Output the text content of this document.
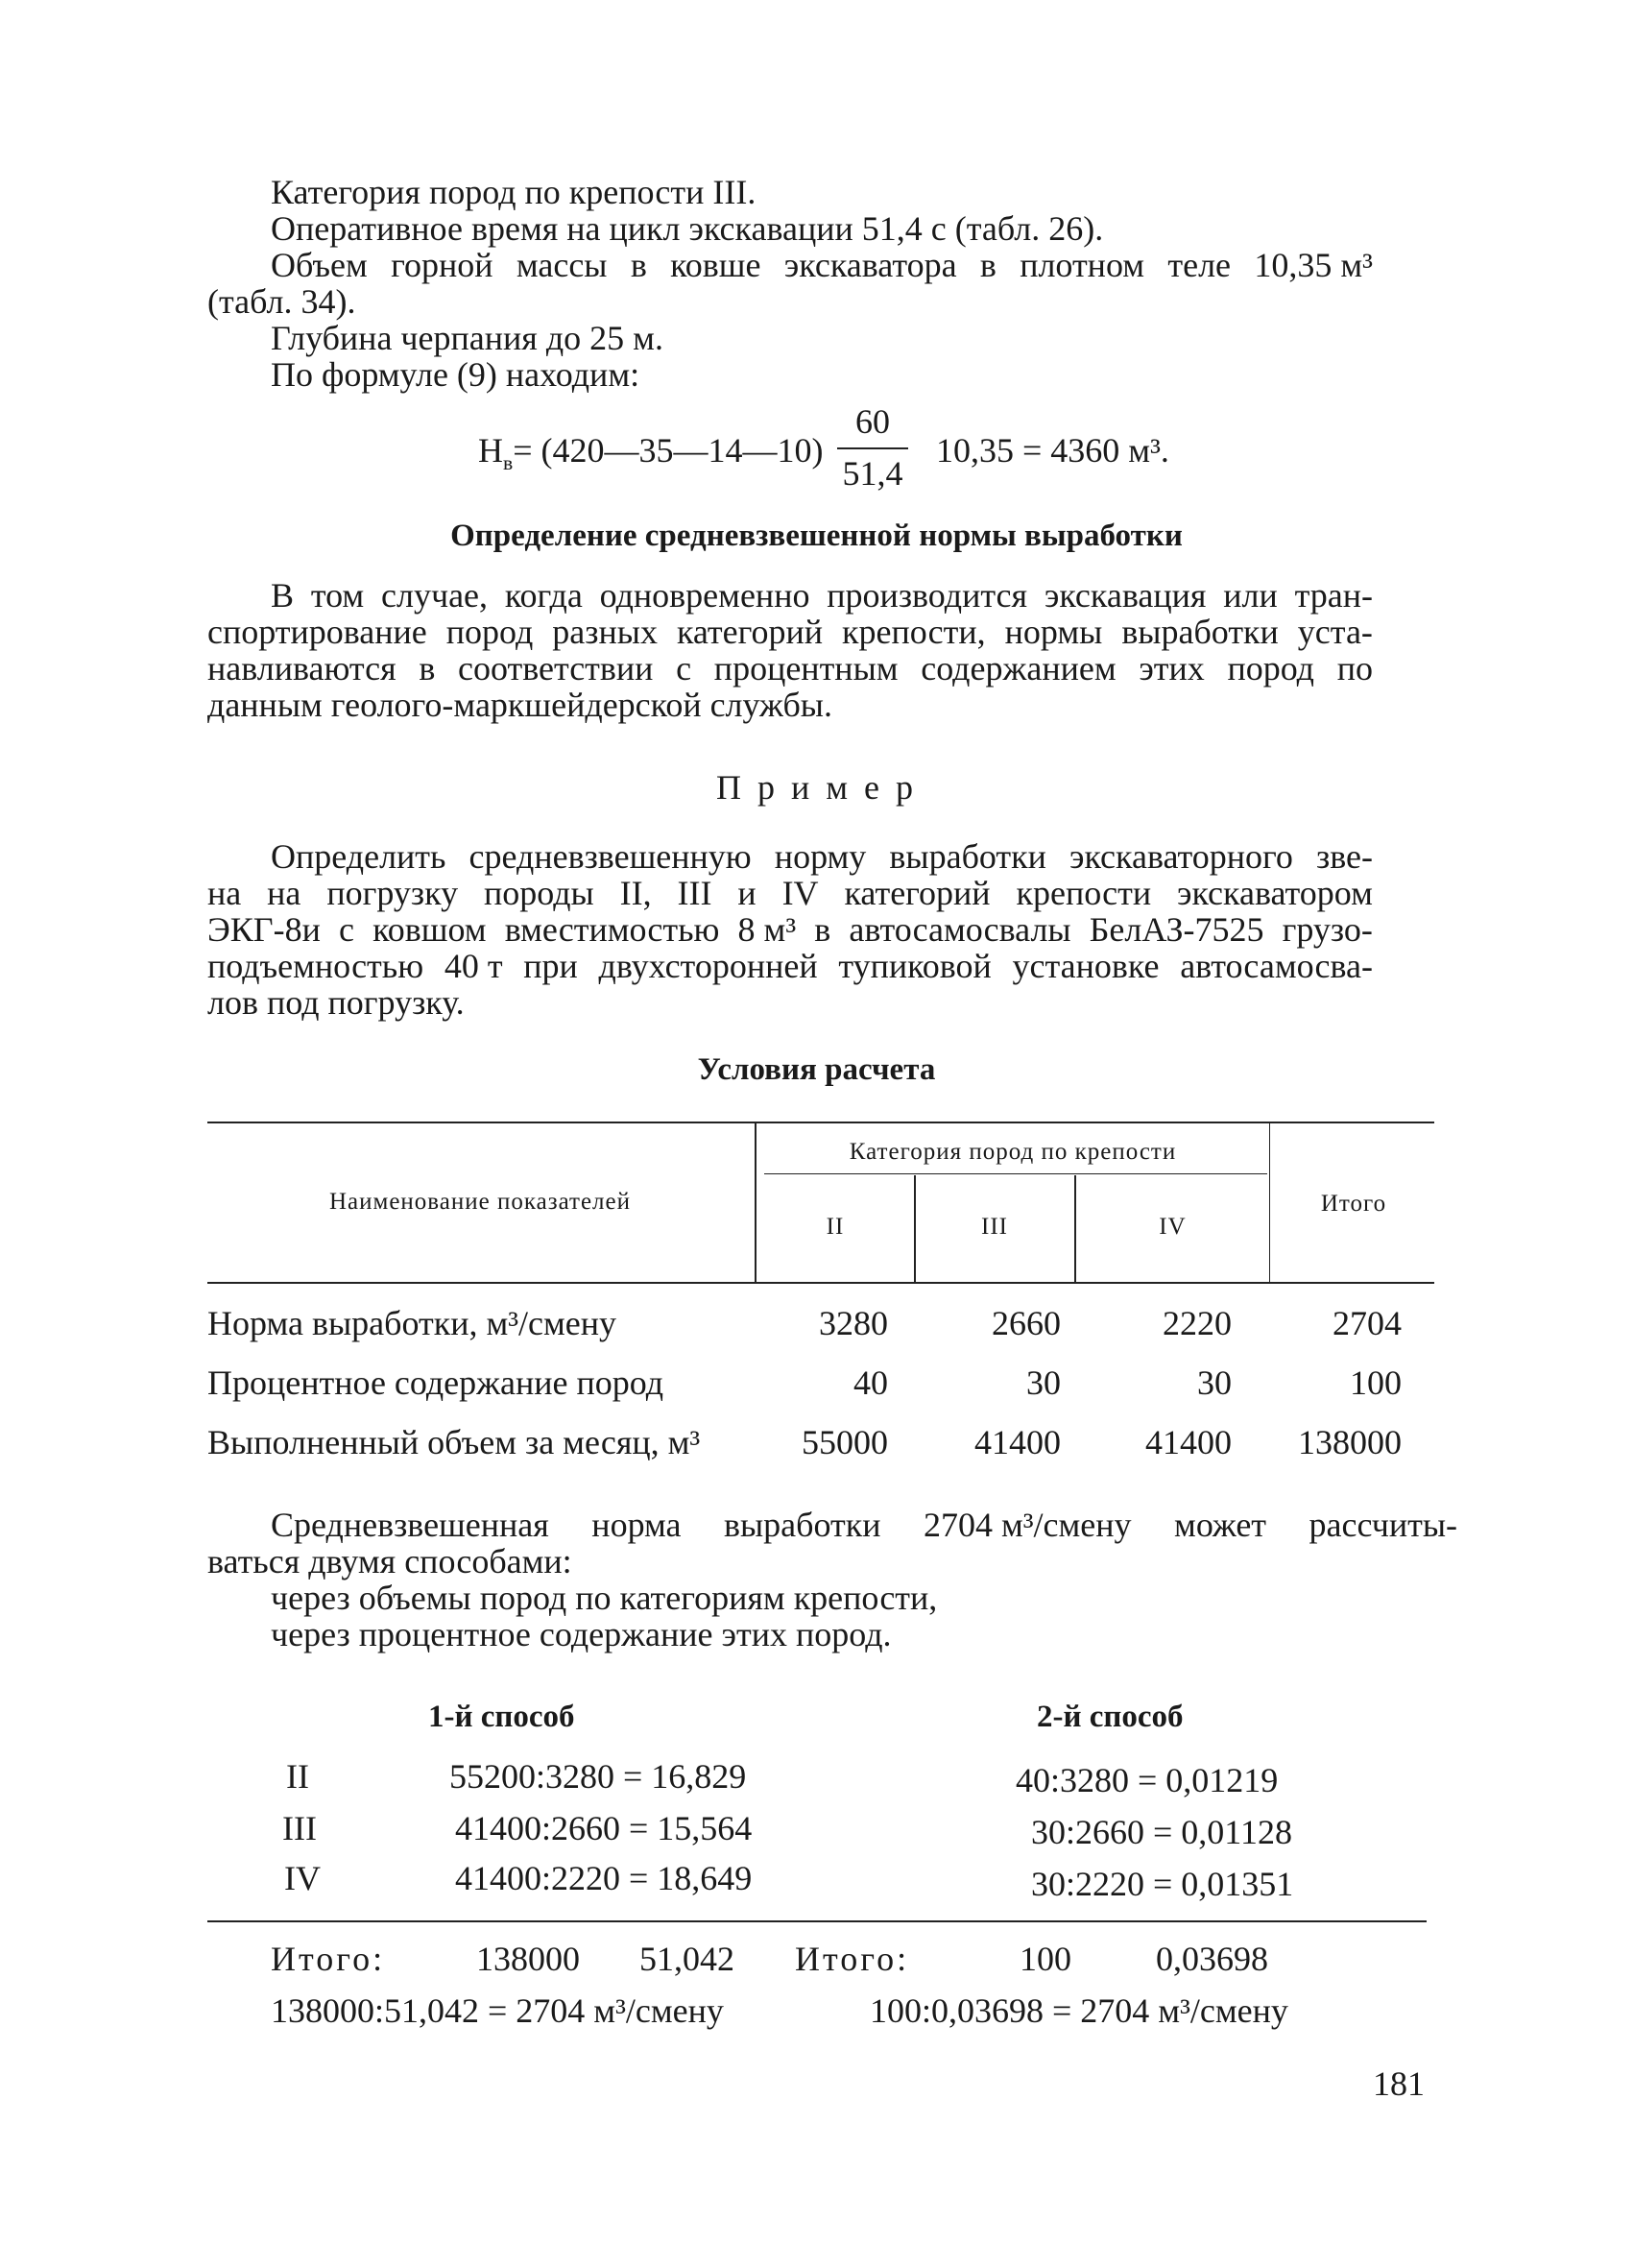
Категория пород по крепости III.
Оперативное время на цикл экскавации 51,4 с (табл. 26).
Объем горной массы в ковше экскаватора в плотном теле 10,35 м³
(табл. 34).
Глубина черпания до 25 м.
По формуле (9) находим:
$Н_в=$ (420—35—14—10)
60
51,4
10,35 = 4360 м³.
Определение средневзвешенной нормы выработки
В том случае, когда одновременно производится экскавация или тран-
спортирование пород разных категорий крепости, нормы выработки уста-
навливаются в соответствии с процентным содержанием этих пород по
данным геолого-маркшейдерской службы.
П р и м е р
Определить средневзвешенную норму выработки экскаваторного зве-
на на погрузку породы II, III и IV категорий крепости экскаватором
ЭКГ-8и с ковшом вместимостью 8 м³ в автосамосвалы БелАЗ-7525 грузо-
подъемностью 40 т при двухсторонней тупиковой установке автосамосва-
лов под погрузку.
Условия расчета
Наименование показателей
Категория пород по крепости
II	III	IV
Итого
Норма выработки, м³/смену	3280	2660	2220	2704
Процентное содержание пород	40	30	30	100
Выполненный объем за месяц, м³	55000	41400	41400	138000
Средневзвешенная норма выработки 2704 м³/смену может рассчиты-
ваться двумя способами:
через объемы пород по категориям крепости,
через процентное содержание этих пород.
1-й способ	2-й способ
II	55200:3280 = 16,829	40:3280 = 0,01219
III	41400:2660 = 15,564	30:2660 = 0,01128
IV	41400:2220 = 18,649	30:2220 = 0,01351
Итого:	138000 51,042 Итого:	100 0,03698
138000:51,042 = 2704 м³/смену	100:0,03698 = 2704 м³/смену
181
